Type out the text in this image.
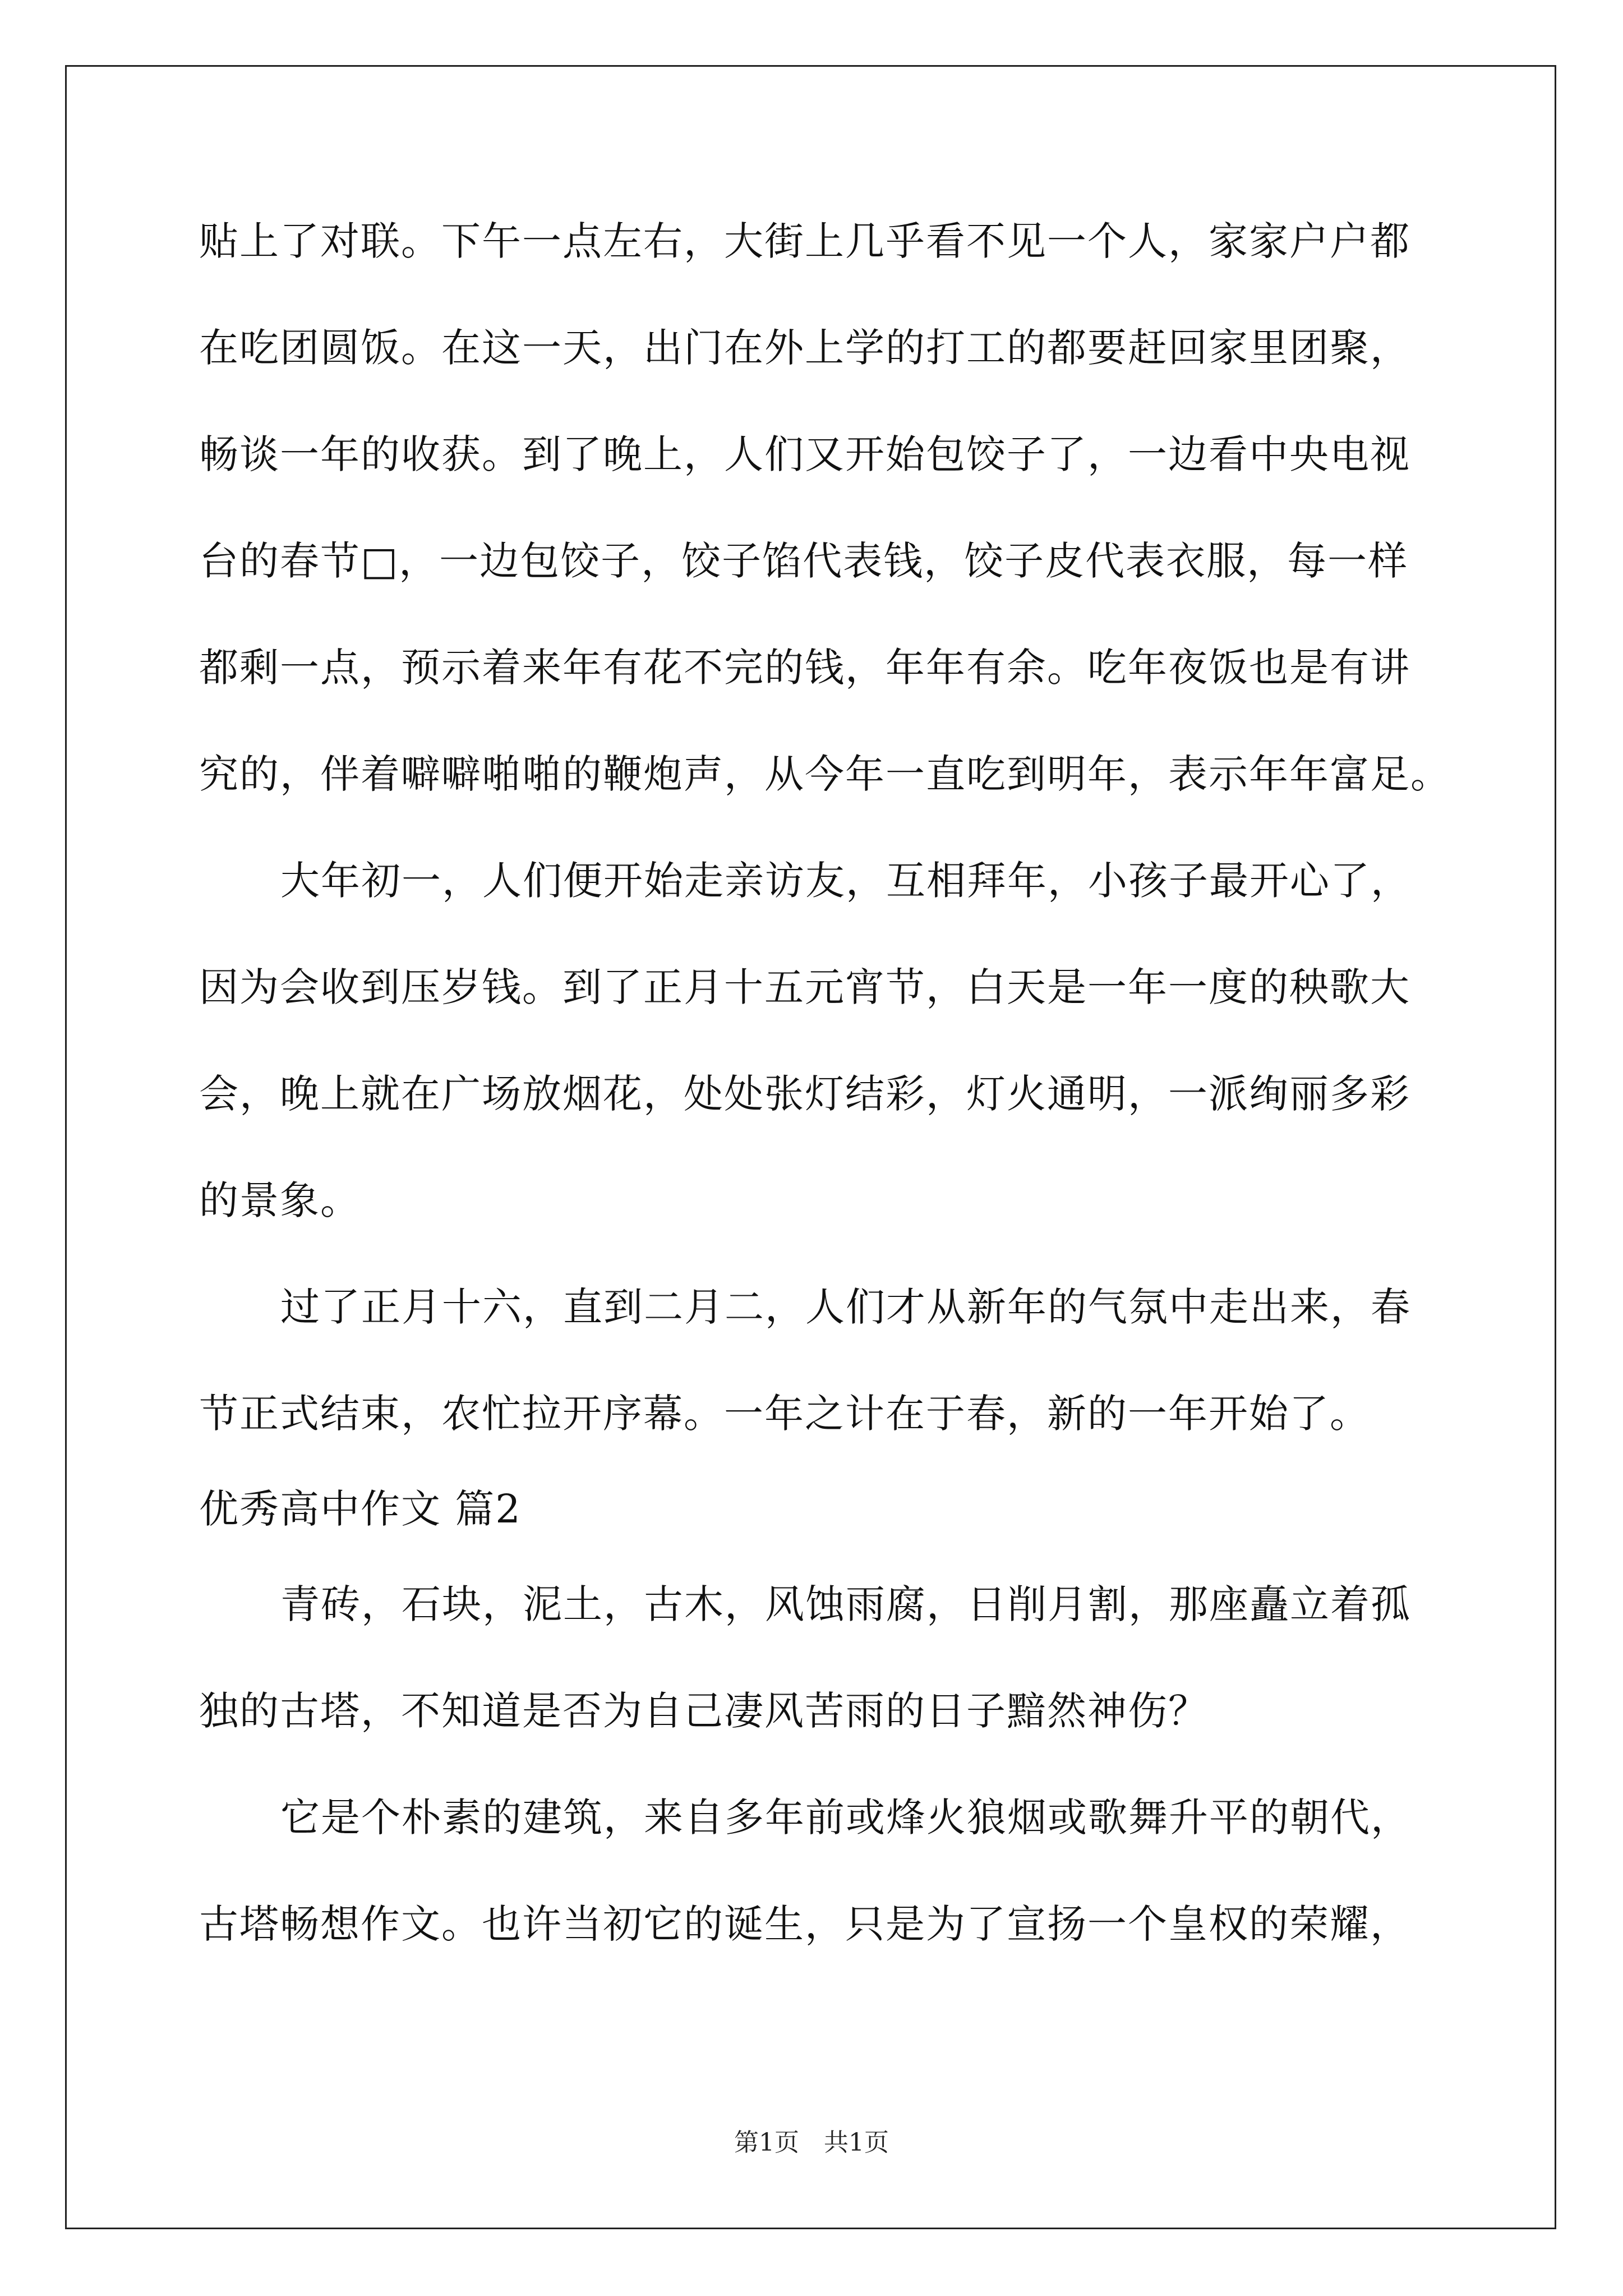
贴上了对联。下午一点左右，大街上几乎看不见一个人，家家户户都
在吃团圆饭。在这一天，出门在外上学的打工的都要赶回家里团聚，
畅谈一年的收获。到了晚上，人们又开始包饺子了，一边看中央电视
台的春节□，一边包饺子，饺子馅代表钱，饺子皮代表衣服，每一样
都剩一点，预示着来年有花不完的钱，年年有余。吃年夜饭也是有讲
究的，伴着噼噼啪啪的鞭炮声，从今年一直吃到明年，表示年年富足。
大年初一，人们便开始走亲访友，互相拜年，小孩子最开心了，
因为会收到压岁钱。到了正月十五元宵节，白天是一年一度的秧歌大
会，晚上就在广场放烟花，处处张灯结彩，灯火通明，一派绚丽多彩
的景象。
过了正月十六，直到二月二，人们才从新年的气氛中走出来，春
节正式结束，农忙拉开序幕。一年之计在于春，新的一年开始了。
优秀高中作文 篇2
青砖，石块，泥土，古木，风蚀雨腐，日削月割，那座矗立着孤
独的古塔，不知道是否为自己凄风苦雨的日子黯然神伤？
它是个朴素的建筑，来自多年前或烽火狼烟或歌舞升平的朝代，
古塔畅想作文。也许当初它的诞生，只是为了宣扬一个皇权的荣耀，
第1页　共1页
